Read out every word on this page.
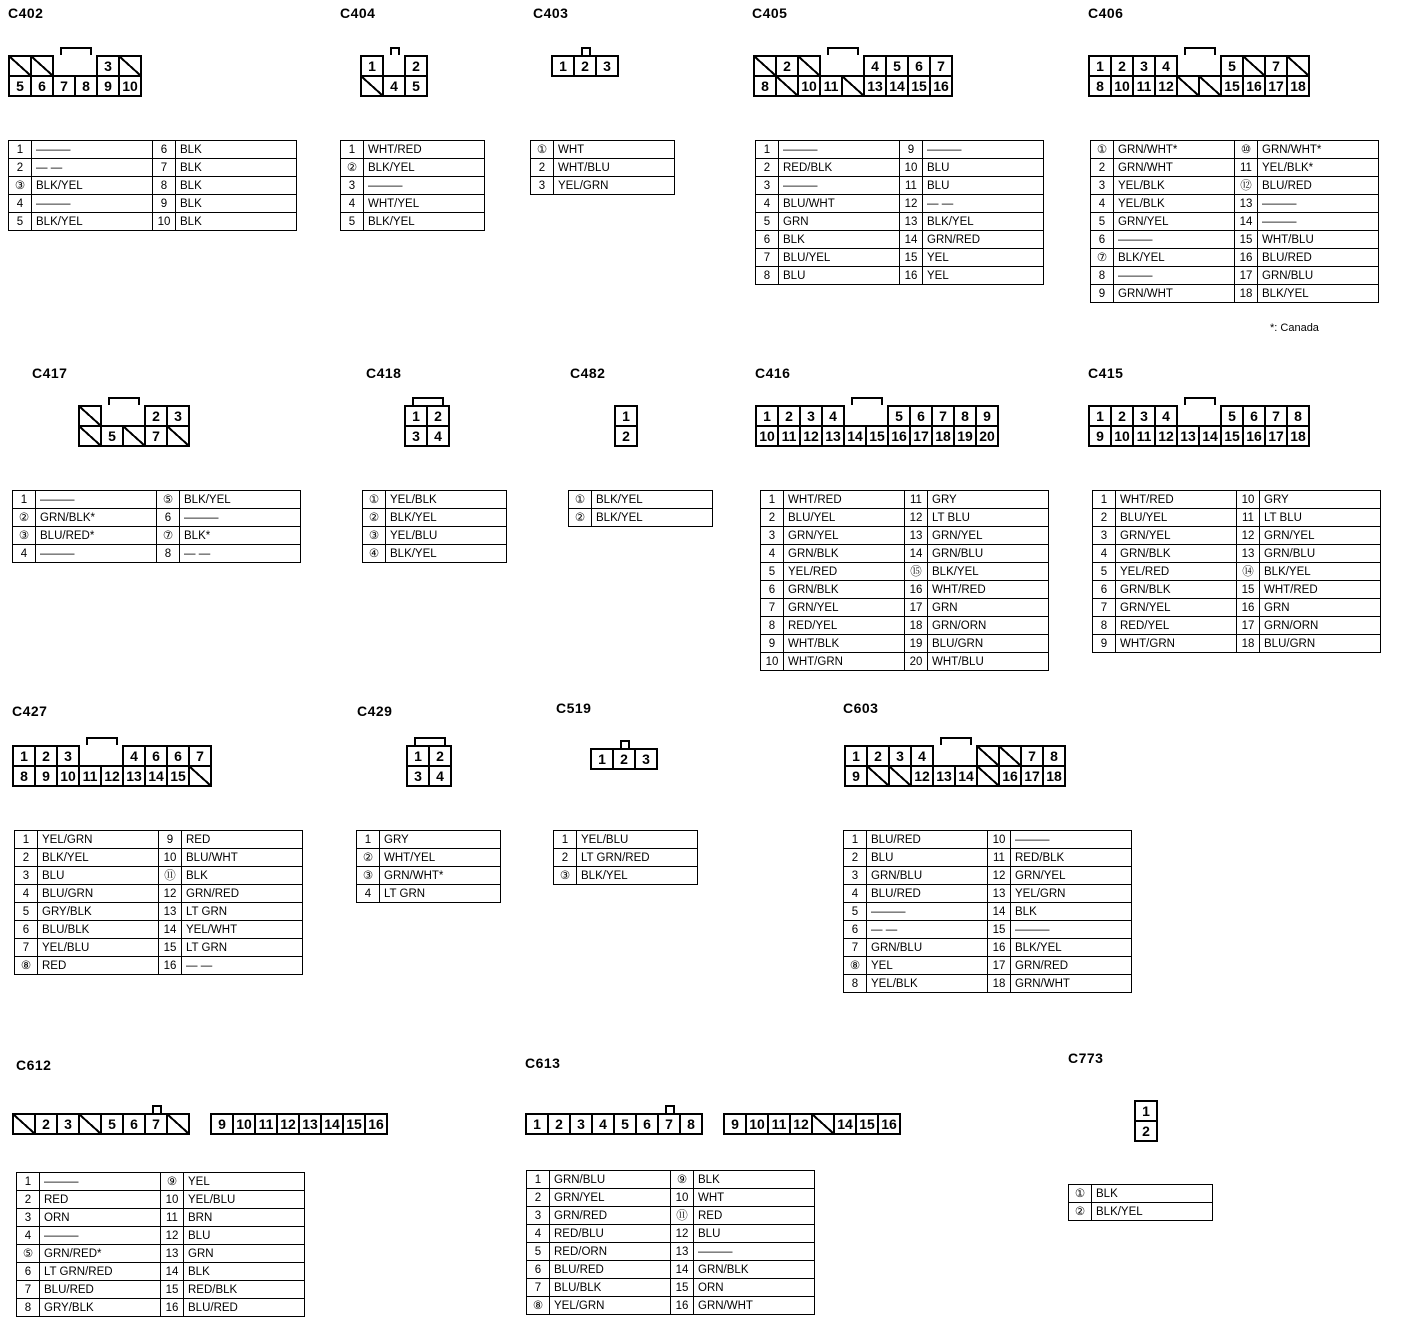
C402
3
5	6	7	8	9 10
1	———	6	BLK
2	— —	7	BLK
③	BLK/YEL	8	BLK
4	———	9	BLK
5	BLK/YEL	10	BLK
C404
1	2
4	5
1	WHT/RED
②	BLK/YEL
3	———
4	WHT/YEL
5	BLK/YEL
C403
1	2	3
①	WHT
2	WHT/BLU
3	YEL/GRN
C405
2	4	5	6	7
8	10 11	13 14 15 16
1	———	9	———
2	RED/BLK	10	BLU
3	———	11	BLU
4	BLU/WHT	12	— —
5	GRN	13	BLK/YEL
6	BLK	14	GRN/RED
7	BLU/YEL	15	YEL
8	BLU	16	YEL
C406
1	2	3	4	5	7
8 10 11 12	15 16 17 18
①	GRN/WHT*	⑩	GRN/WHT*
2	GRN/WHT	11	YEL/BLK*
3	YEL/BLK	⑫	BLU/RED
4	YEL/BLK	13	———
5	GRN/YEL	14	———
6	———	15	WHT/BLU
⑦	BLK/YEL	16	BLU/RED
8	———	17	GRN/BLU
9	GRN/WHT	18	BLK/YEL
C417
2	3
5	7
1	———	⑤	BLK/YEL
②	GRN/BLK*	6	———
③	BLU/RED*	⑦	BLK*
4	———	8	— —
C418
1	2
3	4
①	YEL/BLK
②	BLK/YEL
③	YEL/BLU
④	BLK/YEL
C482
1
2
①	BLK/YEL
②	BLK/YEL
C416
1	2	3	4	5	6	7	8	9
10 11 12 13 14 15 16 17 18 19 20
1	WHT/RED	11	GRY
2	BLU/YEL	12	LT BLU
3	GRN/YEL	13	GRN/YEL
4	GRN/BLK	14	GRN/BLU
5	YEL/RED	⑮	BLK/YEL
6	GRN/BLK	16	WHT/RED
7	GRN/YEL	17	GRN
8	RED/YEL	18	GRN/ORN
9	WHT/BLK	19	BLU/GRN
10	WHT/GRN	20	WHT/BLU
C415
1	2	3	4	5	6	7	8
9 10 11 12 13 14 15 16 17 18
1	WHT/RED	10	GRY
2	BLU/YEL	11	LT BLU
3	GRN/YEL	12	GRN/YEL
4	GRN/BLK	13	GRN/BLU
5	YEL/RED	⑭	BLK/YEL
6	GRN/BLK	15	WHT/RED
7	GRN/YEL	16	GRN
8	RED/YEL	17	GRN/ORN
9	WHT/GRN	18	BLU/GRN
C427
1	2	3	4	6	6	7
8	9 10 11 12 13 14 15
1	YEL/GRN	9	RED
2	BLK/YEL	10	BLU/WHT
3	BLU	⑪	BLK
4	BLU/GRN	12	GRN/RED
5	GRY/BLK	13	LT GRN
6	BLU/BLK	14	YEL/WHT
7	YEL/BLU	15	LT GRN
⑧	RED	16	— —
C429
1	2
3	4
1	GRY
②	WHT/YEL
③	GRN/WHT*
4	LT GRN
C519
1	2	3
1	YEL/BLU
2	LT GRN/RED
③	BLK/YEL
C603
1	2	3	4	7	8
9	12 13 14	16 17 18
1	BLU/RED	10	———
2	BLU	11	RED/BLK
3	GRN/BLU	12	GRN/YEL
4	BLU/RED	13	YEL/GRN
5	———	14	BLK
6	— —	15	———
7	GRN/BLU	16	BLK/YEL
⑧	YEL	17	GRN/RED
8	YEL/BLK	18	GRN/WHT
C612
2	3	5	6	7	9 10 11 12 13 14 15 16
1	———	⑨	YEL
2	RED	10	YEL/BLU
3	ORN	11	BRN
4	———	12	BLU
⑤	GRN/RED*	13	GRN
6	LT GRN/RED	14	BLK
7	BLU/RED	15	RED/BLK
8	GRY/BLK	16	BLU/RED
C613
1	2	3	4	5	6	7	8	9 10 11 12	14 15 16
1	GRN/BLU	⑨	BLK
2	GRN/YEL	10	WHT
3	GRN/RED	⑪	RED
4	RED/BLU	12	BLU
5	RED/ORN	13	———
6	BLU/RED	14	GRN/BLK
7	BLU/BLK	15	ORN
⑧	YEL/GRN	16	GRN/WHT
C773
1
2
①	BLK
②	BLK/YEL
*: Canada
